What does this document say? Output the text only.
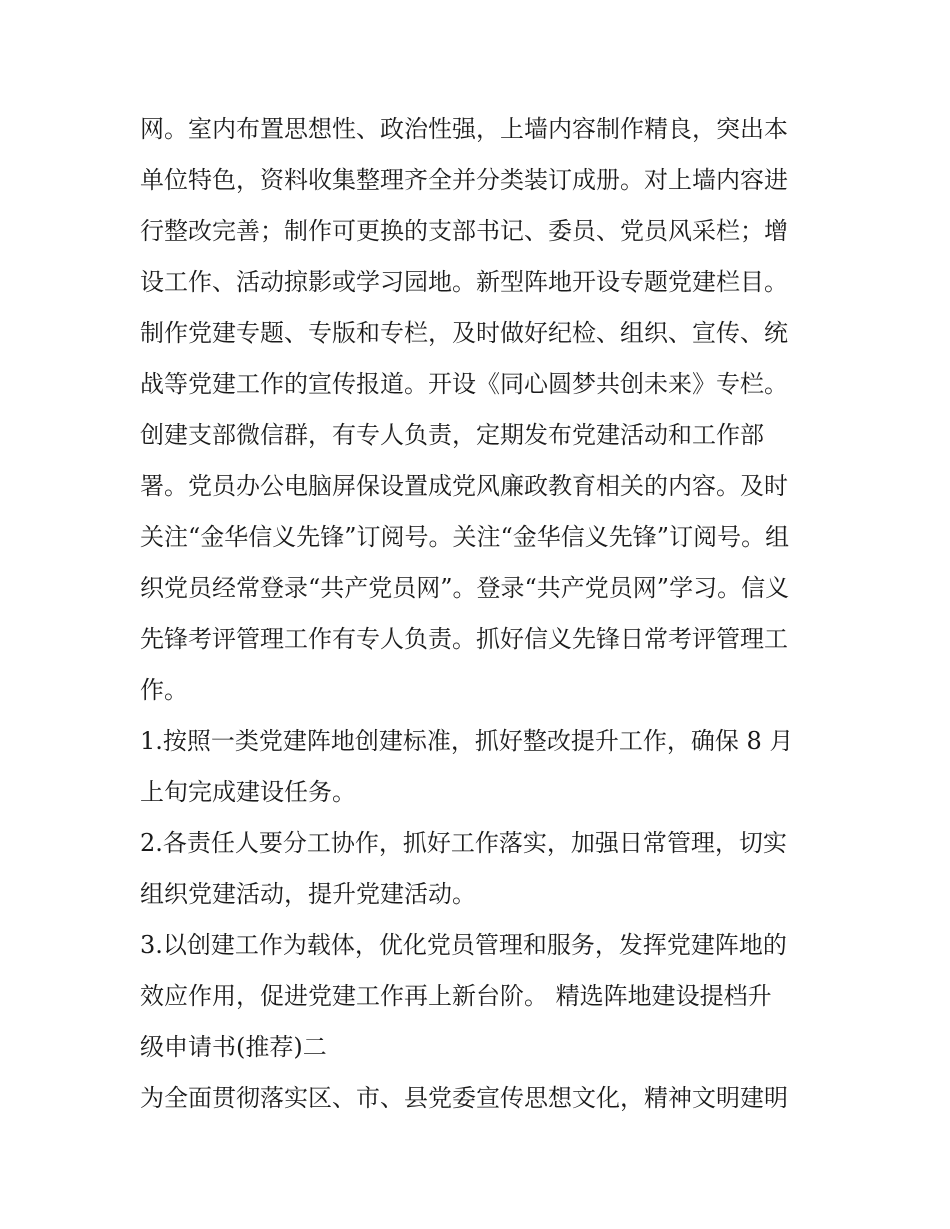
网。室内布置思想性、政治性强，上墙内容制作精良，突出本
单位特色，资料收集整理齐全并分类装订成册。对上墙内容进
行整改完善；制作可更换的支部书记、委员、党员风采栏；增
设工作、活动掠影或学习园地。新型阵地开设专题党建栏目。
制作党建专题、专版和专栏，及时做好纪检、组织、宣传、统
战等党建工作的宣传报道。开设《同心圆梦共创未来》专栏。
创建支部微信群，有专人负责，定期发布党建活动和工作部
署。党员办公电脑屏保设置成党风廉政教育相关的内容。及时
关注“金华信义先锋”订阅号。关注“金华信义先锋”订阅号。组
织党员经常登录“共产党员网”。登录“共产党员网”学习。信义
先锋考评管理工作有专人负责。抓好信义先锋日常考评管理工
作。
1.按照一类党建阵地创建标准，抓好整改提升工作，确保 8 月
上旬完成建设任务。
2.各责任人要分工协作，抓好工作落实，加强日常管理，切实
组织党建活动，提升党建活动。
3.以创建工作为载体，优化党员管理和服务，发挥党建阵地的
效应作用，促进党建工作再上新台阶。 精选阵地建设提档升
级申请书(推荐)二
为全面贯彻落实区、市、县党委宣传思想文化，精神文明建明
